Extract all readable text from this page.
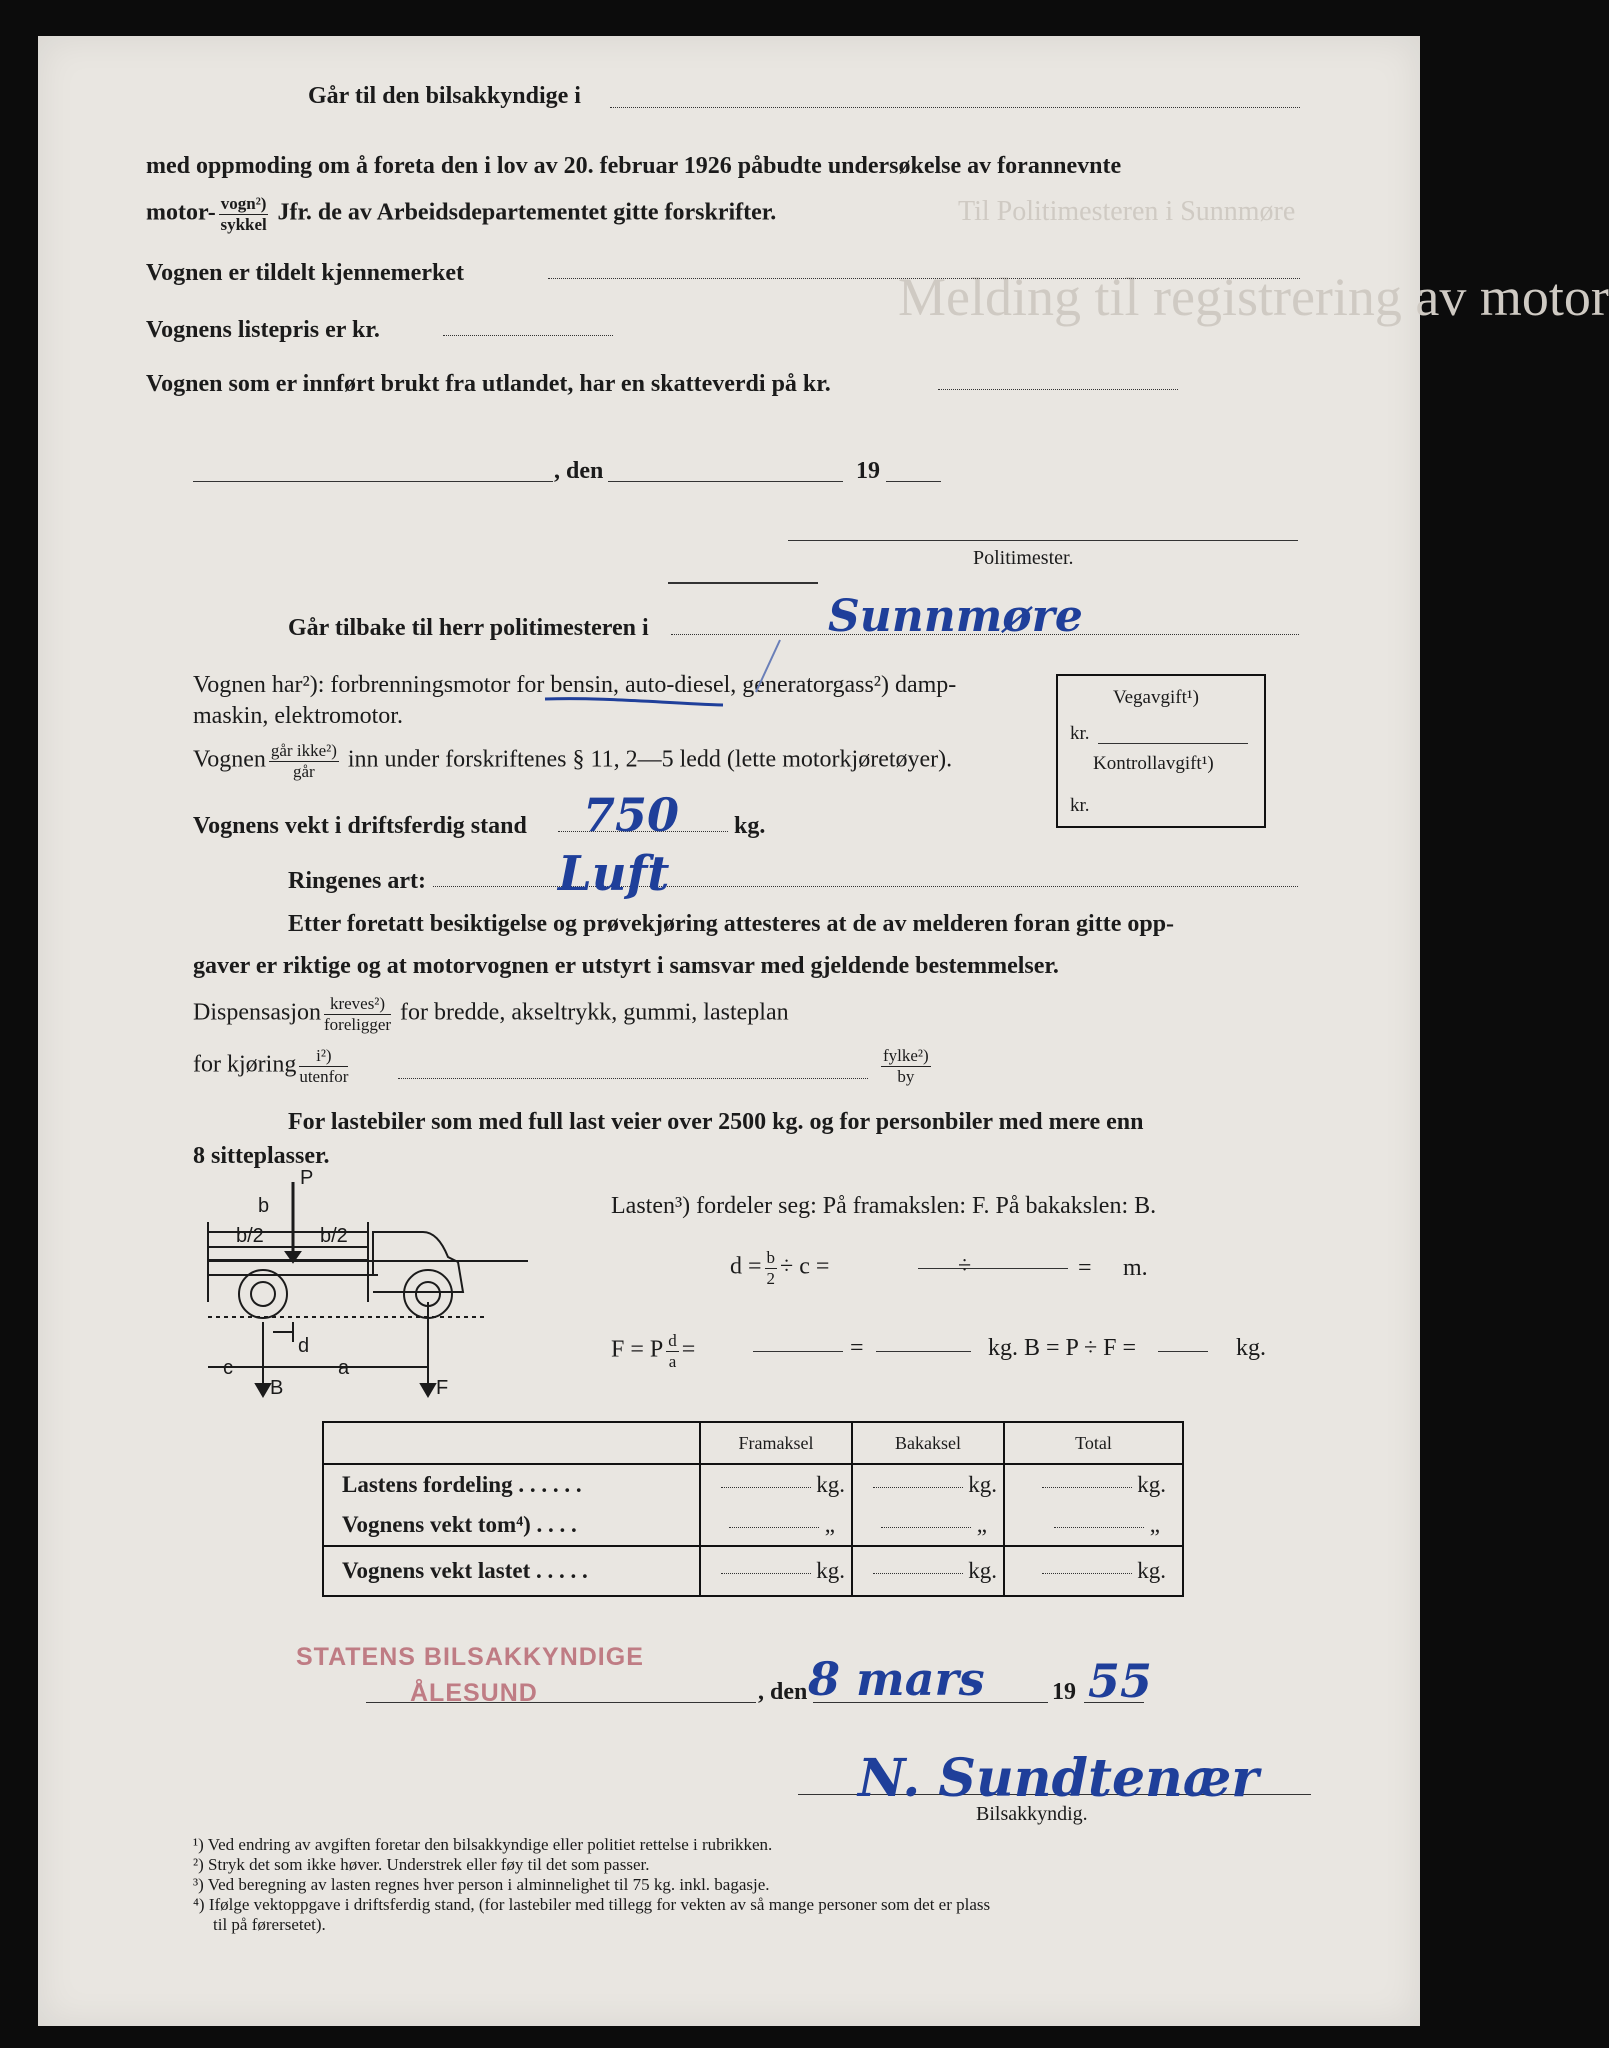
Melding til registrering av motor
Til Politimesteren i Sunnmøre
Går til den bilsakkyndige i
med oppmoding om å foreta den i lov av 20. februar 1926 påbudte undersøkelse av forannevnte
motor- $\frac{\text{vogn²)}}{\text{sykkel}}$ Jfr. de av Arbeidsdepartementet gitte forskrifter.
Vognen er tildelt kjennemerket
Vognens listepris er kr.
Vognen som er innført brukt fra utlandet, har en skatteverdi på kr.
, den	19
Politimester.
Går tilbake til herr politimesteren i	Sunnmøre
Vognen har²): forbrenningsmotor for bensin, auto-diesel, generatorgass²) damp-
maskin, elektromotor.
Vegavgift¹)
kr.
Kontrollavgift¹)
kr.
Vognen $\frac{\text{går ikke²)}}{\text{går}}$ inn under forskriftenes § 11, 2—5 ledd (lette motorkjøretøyer).
Vognens vekt i driftsferdig stand	kg.
750
Ringenes art:	Luft
Etter foretatt besiktigelse og prøvekjøring attesteres at de av melderen foran gitte opp-
gaver er riktige og at motorvognen er utstyrt i samsvar med gjeldende bestemmelser.
Dispensasjon $\frac{\text{kreves²)}}{\text{foreligger}}$ for bredde, akseltrykk, gummi, lasteplan
for kjøring $\frac{\text{i²)}}{\text{utenfor}}$	$\frac{\text{fylke²)}}{by}$
For lastebiler som med full last veier over 2500 kg. og for personbiler med mere enn
8 sitteplasser.
P
b
b/2	b/2
d
c	a
B	F
Lasten³) fordeler seg: På framakslen: F. På bakakslen: B.
$d = \frac{b}{2} \div c$ =	÷	= m.
F = P $\frac{d}{a}$ =	=	kg. B = P ÷ F =	kg.
	Framaksel	Bakaksel	Total
Lastens fordeling . . . . . .	kg.	kg.	kg.
Vognens vekt tom⁴) . . . .	„	„	„
Vognens vekt lastet . . . . .	kg.	kg.	kg.
STATENS BILSAKKYNDIGE
ÅLESUND	, den 8 mars	19 55
N. Sundtenær
Bilsakkyndig.
¹) Ved endring av avgiften foretar den bilsakkyndige eller politiet rettelse i rubrikken.
²) Stryk det som ikke høver. Understrek eller føy til det som passer.
³) Ved beregning av lasten regnes hver person i alminnelighet til 75 kg. inkl. bagasje.
⁴) Ifølge vektoppgave i driftsferdig stand, (for lastebiler med tillegg for vekten av så mange personer som det er plass
til på førersetet).
